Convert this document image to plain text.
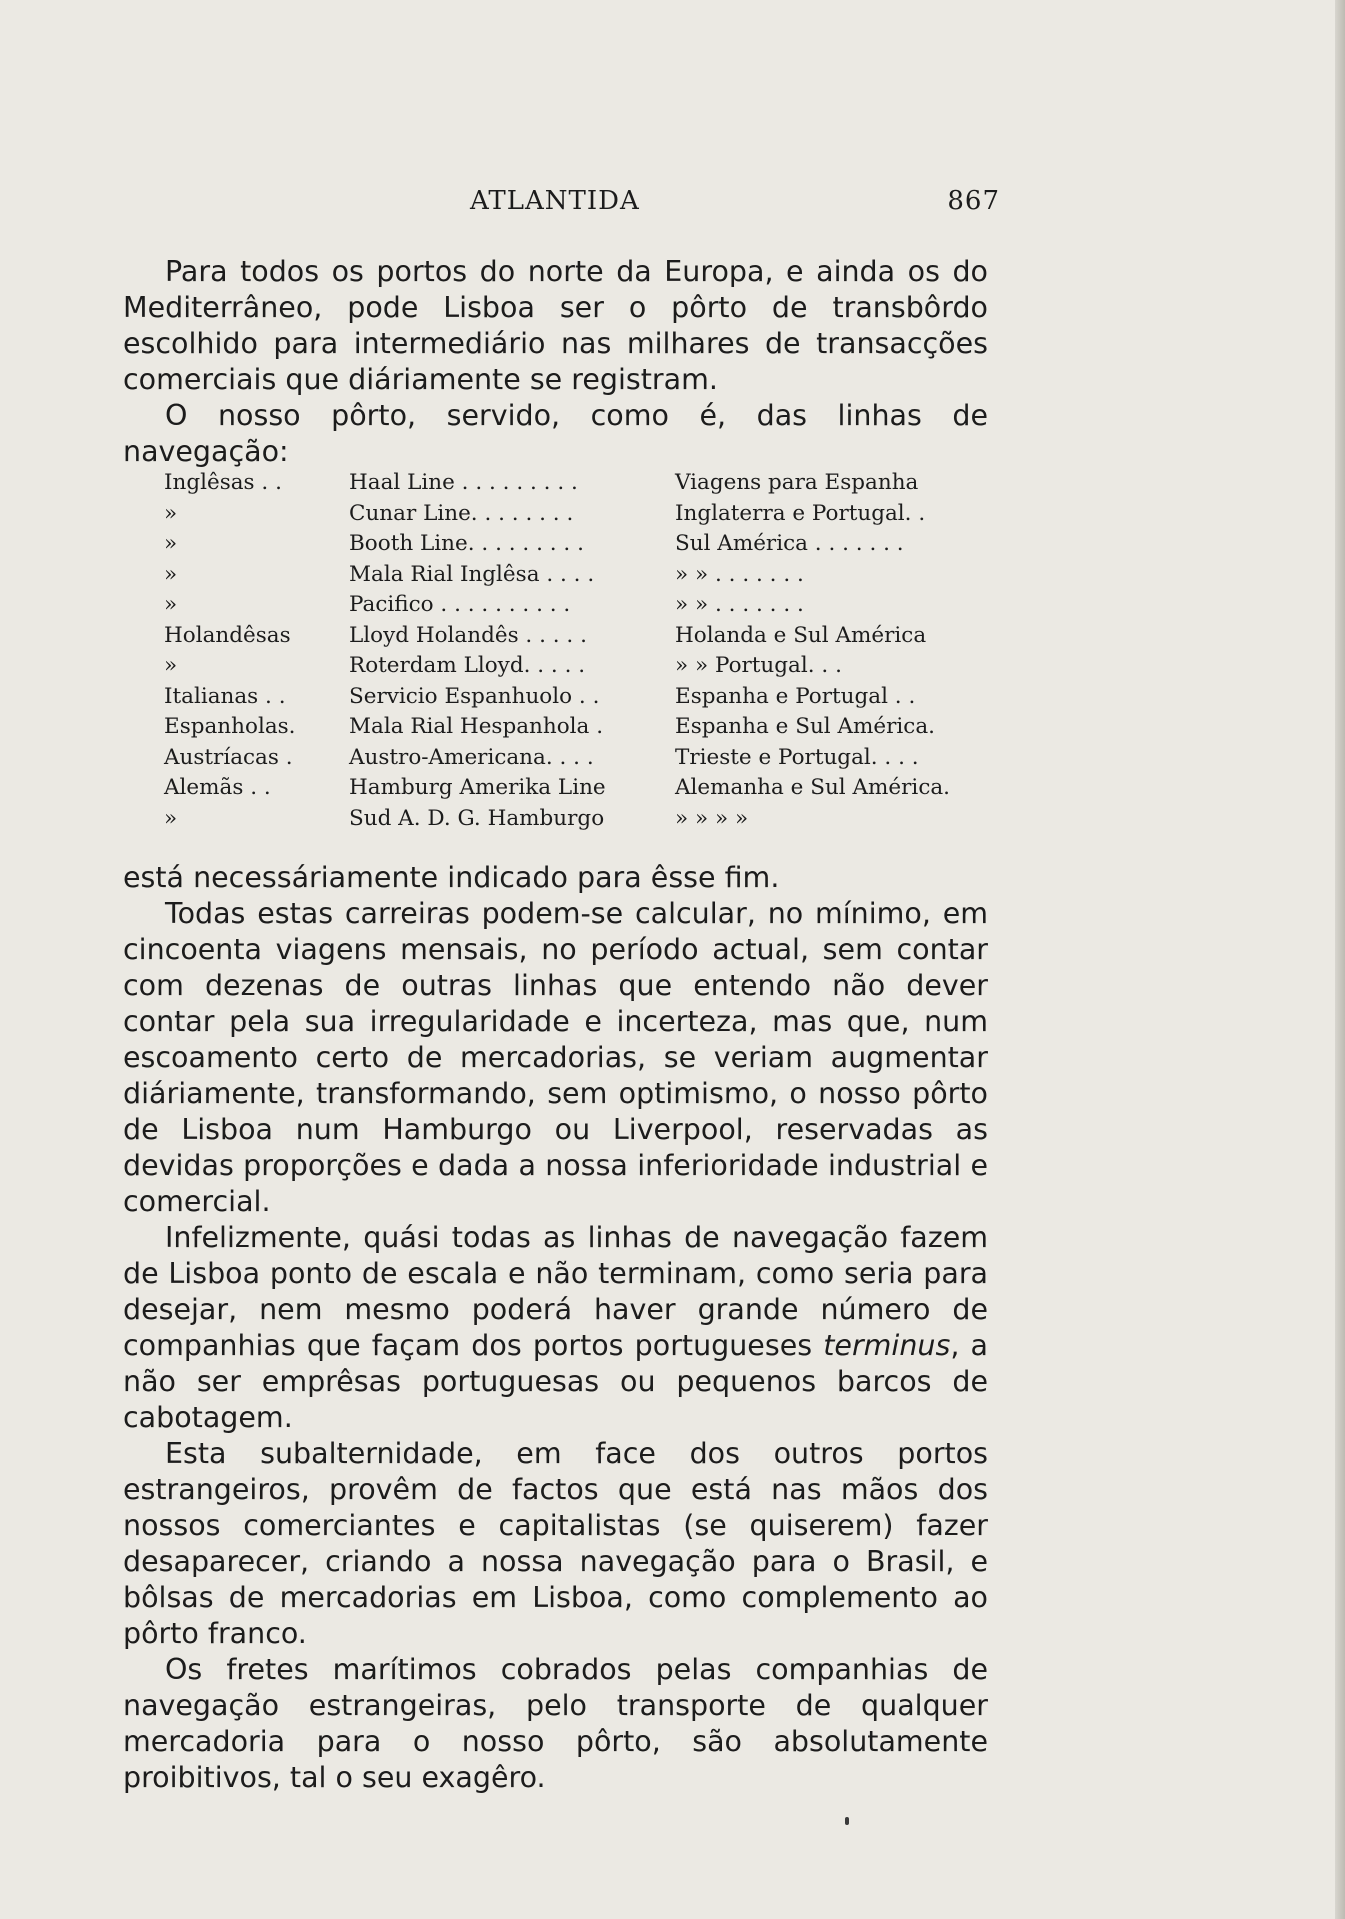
ATLANTIDA	867

Para todos os portos do norte da Europa, e ainda os do Mediterrâneo, pode Lisboa ser o pôrto de transbôrdo escolhido para intermediário nas milhares de transacções comerciais que diáriamente se registram.

O nosso pôrto, servido, como é, das linhas de navegação:

Inglêsas . .	Haal Line . . . . . . . . .	Viagens para Espanha
»	Cunar Line. . . . . . . .	Inglaterra e Portugal. .
»	Booth Line. . . . . . . . .	Sul América . . . . . . .
»	Mala Rial Inglêsa . . . .	» » . . . . . . .
»	Pacifico . . . . . . . . . .	» » . . . . . . .
Holandêsas	Lloyd Holandês . . . . .	Holanda e Sul América
»	Roterdam Lloyd. . . . .	» » Portugal. . .
Italianas . .	Servicio Espanhuolo . .	Espanha e Portugal . .
Espanholas.	Mala Rial Hespanhola .	Espanha e Sul América.
Austríacas .	Austro-Americana. . . .	Trieste e Portugal. . . .
Alemãs . .	Hamburg Amerika Line	Alemanha e Sul América.
»	Sud A. D. G. Hamburgo	» » » »

está necessáriamente indicado para êsse fim.

Todas estas carreiras podem-se calcular, no mínimo, em cincoenta viagens mensais, no período actual, sem contar com dezenas de outras linhas que entendo não dever contar pela sua irregularidade e incerteza, mas que, num escoamento certo de mercadorias, se veriam augmentar diáriamente, transformando, sem optimismo, o nosso pôrto de Lisboa num Hamburgo ou Liverpool, reservadas as devidas proporções e dada a nossa inferioridade industrial e comercial.

Infelizmente, quási todas as linhas de navegação fazem de Lisboa ponto de escala e não terminam, como seria para desejar, nem mesmo poderá haver grande número de companhias que façam dos portos portugueses terminus, a não ser emprêsas portuguesas ou pequenos barcos de cabotagem.

Esta subalternidade, em face dos outros portos estrangeiros, provêm de factos que está nas mãos dos nossos comerciantes e capitalistas (se quiserem) fazer desaparecer, criando a nossa navegação para o Brasil, e bôlsas de mercadorias em Lisboa, como complemento ao pôrto franco.

Os fretes marítimos cobrados pelas companhias de navegação estrangeiras, pelo transporte de qualquer mercadoria para o nosso pôrto, são absolutamente proibitivos, tal o seu exagêro.
